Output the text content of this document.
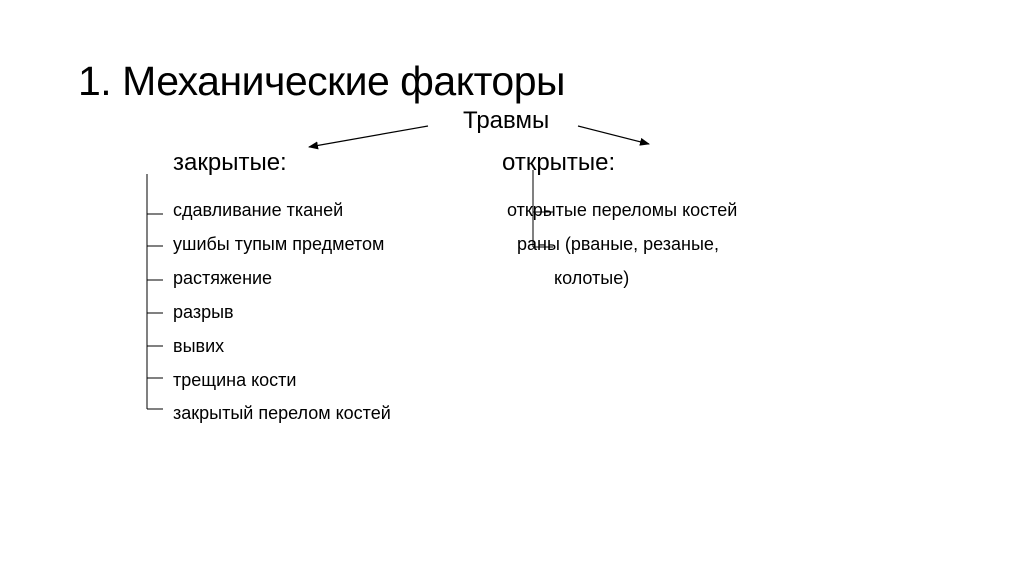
1. Механические факторы
Травмы
закрытые:	открытые:
сдавливание тканей
ушибы тупым предметом
растяжение
разрыв
вывих
трещина кости
закрытый перелом костей
открытые переломы костей
раны (рваные, резаные,
колотые)
